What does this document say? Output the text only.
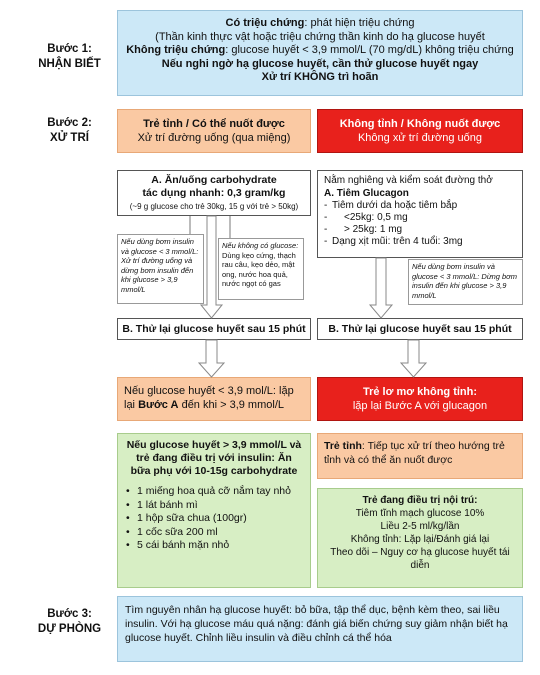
Bước 1:
NHẬN BIẾT
Bước 2:
XỬ TRÍ
Bước 3:
DỰ PHÒNG
Có triệu chứng: phát hiện triệu chứng
(Thần kinh thực vật hoặc triệu chứng thần kinh do hạ glucose huyết
Không triệu chứng: glucose huyết < 3,9 mmol/L (70 mg/dL) không triệu chứng
Nếu nghi ngờ hạ glucose huyết, cần thử glucose huyết ngay
Xử trí KHÔNG trì hoãn
Trẻ tỉnh / Có thể nuốt được
Xử trí đường uống (qua miệng)
Không tỉnh / Không nuốt được
Không xử trí đường uống
A. Ăn/uống carbohydrate
tác dụng nhanh: 0,3 gram/kg
(~9 g glucose cho trẻ 30kg, 15 g với trẻ > 50kg)
Nếu dùng bơm insulin và glucose < 3 mmol/L: Xử trí đường uống và dừng bơm insulin đến khi glucose > 3,9 mmol/L
Nếu không có glucose:
Dùng kẹo cứng, thạch rau câu, kẹo dẻo, mật ong, nước hoa quả, nước ngọt có gas
Nằm nghiêng và kiểm soát đường thở
A. Tiêm Glucagon
- Tiêm dưới da hoặc tiêm bắp
- <25kg: 0,5 mg
- > 25kg: 1 mg
- Dạng xịt mũi: trên 4 tuổi: 3mg
Nếu dùng bơm insulin và glucose < 3 mmol/L: Dừng bơm insulin đến khi glucose > 3,9 mmol/L
B. Thử lại glucose huyết sau 15 phút	B. Thử lại glucose huyết sau 15 phút
Nếu glucose huyết < 3,9 mol/L: lặp
lại Bước A đến khi > 3,9 mmol/L
Trẻ lơ mơ không tỉnh:
lặp lại Bước A với glucagon
Nếu glucose huyết > 3,9 mmol/L và trẻ đang điều trị với insulin: Ăn bữa phụ với 10-15g carbohydrate
• 1 miếng hoa quả cỡ nắm tay nhỏ
• 1 lát bánh mì
• 1 hộp sữa chua (100gr)
• 1 cốc sữa 200 ml
• 5 cái bánh mặn nhỏ
Trẻ tỉnh: Tiếp tục xử trí theo hướng trẻ tỉnh và có thể ăn nuốt được
Trẻ đang điều trị nội trú:
Tiêm tĩnh mạch glucose 10%
Liều 2-5 ml/kg/lần
Không tỉnh: Lặp lại/Đánh giá lại
Theo dõi – Nguy cơ hạ glucose huyết tái diễn
Tìm nguyên nhân hạ glucose huyết: bỏ bữa, tập thể dục, bệnh kèm theo, sai liều insulin. Với hạ glucose máu quá nặng: đánh giá biến chứng suy giảm nhận biết hạ glucose huyết. Chỉnh liều insulin và điều chỉnh cá thể hóa
